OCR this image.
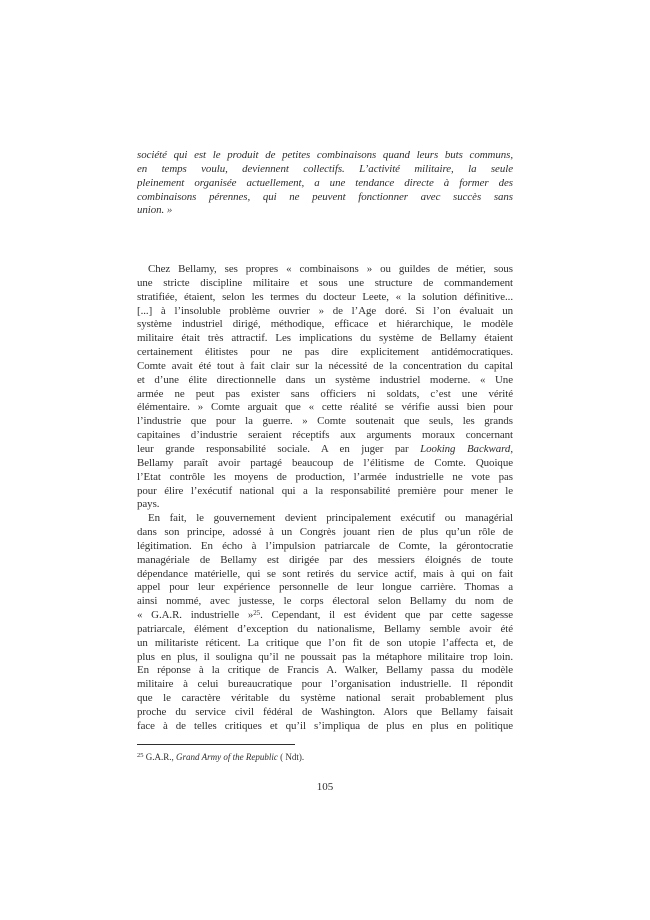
société qui est le produit de petites combinaisons quand leurs buts communs,
en temps voulu, deviennent collectifs. L’activité militaire, la seule
pleinement organisée actuellement, a une tendance directe à former des
combinaisons pérennes, qui ne peuvent fonctionner avec succès sans
union. »
Chez Bellamy, ses propres « combinaisons » ou guildes de métier, sous
une stricte discipline militaire et sous une structure de commandement
stratifiée, étaient, selon les termes du docteur Leete, « la solution définitive...
[...] à l’insoluble problème ouvrier » de l’Age doré. Si l’on évaluait un
système industriel dirigé, méthodique, efficace et hiérarchique, le modèle
militaire était très attractif. Les implications du système de Bellamy étaient
certainement élitistes pour ne pas dire explicitement antidémocratiques.
Comte avait été tout à fait clair sur la nécessité de la concentration du capital
et d’une élite directionnelle dans un système industriel moderne. « Une
armée ne peut pas exister sans officiers ni soldats, c’est une vérité
élémentaire. » Comte arguait que « cette réalité se vérifie aussi bien pour
l’industrie que pour la guerre. » Comte soutenait que seuls, les grands
capitaines d’industrie seraient réceptifs aux arguments moraux concernant
leur grande responsabilité sociale. A en juger par Looking Backward,
Bellamy paraît avoir partagé beaucoup de l’élitisme de Comte. Quoique
l’Etat contrôle les moyens de production, l’armée industrielle ne vote pas
pour élire l’exécutif national qui a la responsabilité première pour mener le
pays.
En fait, le gouvernement devient principalement exécutif ou managérial
dans son principe, adossé à un Congrès jouant rien de plus qu’un rôle de
légitimation. En écho à l’impulsion patriarcale de Comte, la gérontocratie
managériale de Bellamy est dirigée par des messiers éloignés de toute
dépendance matérielle, qui se sont retirés du service actif, mais à qui on fait
appel pour leur expérience personnelle de leur longue carrière. Thomas a
ainsi nommé, avec justesse, le corps électoral selon Bellamy du nom de
« G.A.R. industrielle »$^{25}$. Cependant, il est évident que par cette sagesse
patriarcale, élément d’exception du nationalisme, Bellamy semble avoir été
un militariste réticent. La critique que l’on fit de son utopie l’affecta et, de
plus en plus, il souligna qu’il ne poussait pas la métaphore militaire trop loin.
En réponse à la critique de Francis A. Walker, Bellamy passa du modèle
militaire à celui bureaucratique pour l’organisation industrielle. Il répondit
que le caractère véritable du système national serait probablement plus
proche du service civil fédéral de Washington. Alors que Bellamy faisait
face à de telles critiques et qu’il s’impliqua de plus en plus en politique
$^{25}$ G.A.R., Grand Army of the Republic ( Ndt).
105
